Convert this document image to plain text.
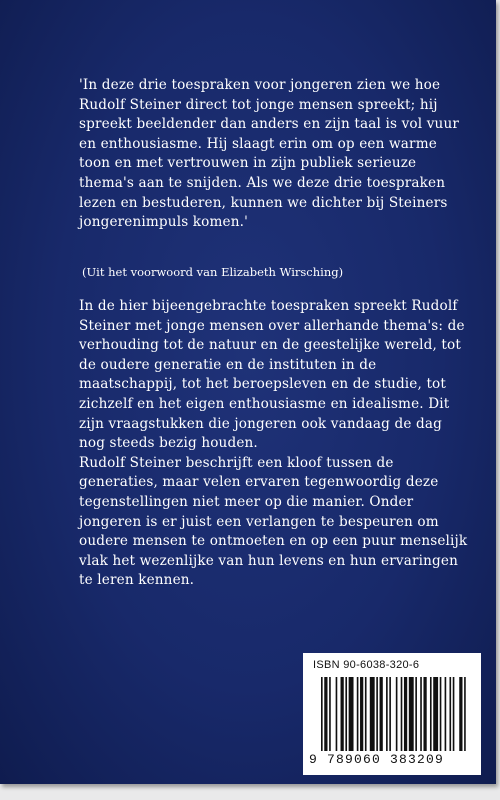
'In deze drie toespraken voor jongeren zien we hoe Rudolf Steiner direct tot jonge mensen spreekt; hij spreekt beeldender dan anders en zijn taal is vol vuur en enthousiasme. Hij slaagt erin om op een warme toon en met vertrouwen in zijn publiek serieuze thema's aan te snijden. Als we deze drie toespraken lezen en bestuderen, kunnen we dichter bij Steiners jongerenimpuls komen.'

(Uit het voorwoord van Elizabeth Wirsching)

In de hier bijeengebrachte toespraken spreekt Rudolf Steiner met jonge mensen over allerhande thema's: de verhouding tot de natuur en de geestelijke wereld, tot de oudere generatie en de instituten in de maatschappij, tot het beroepsleven en de studie, tot zichzelf en het eigen enthousiasme en idealisme. Dit zijn vraagstukken die jongeren ook vandaag de dag nog steeds bezig houden.

Rudolf Steiner beschrijft een kloof tussen de generaties, maar velen ervaren tegenwoordig deze tegenstellingen niet meer op die manier. Onder jongeren is er juist een verlangen te bespeuren om oudere mensen te ontmoeten en op een puur menselijk vlak het wezenlijke van hun levens en hun ervaringen te leren kennen.

ISBN 90-6038-320-6
9 789060 383209
